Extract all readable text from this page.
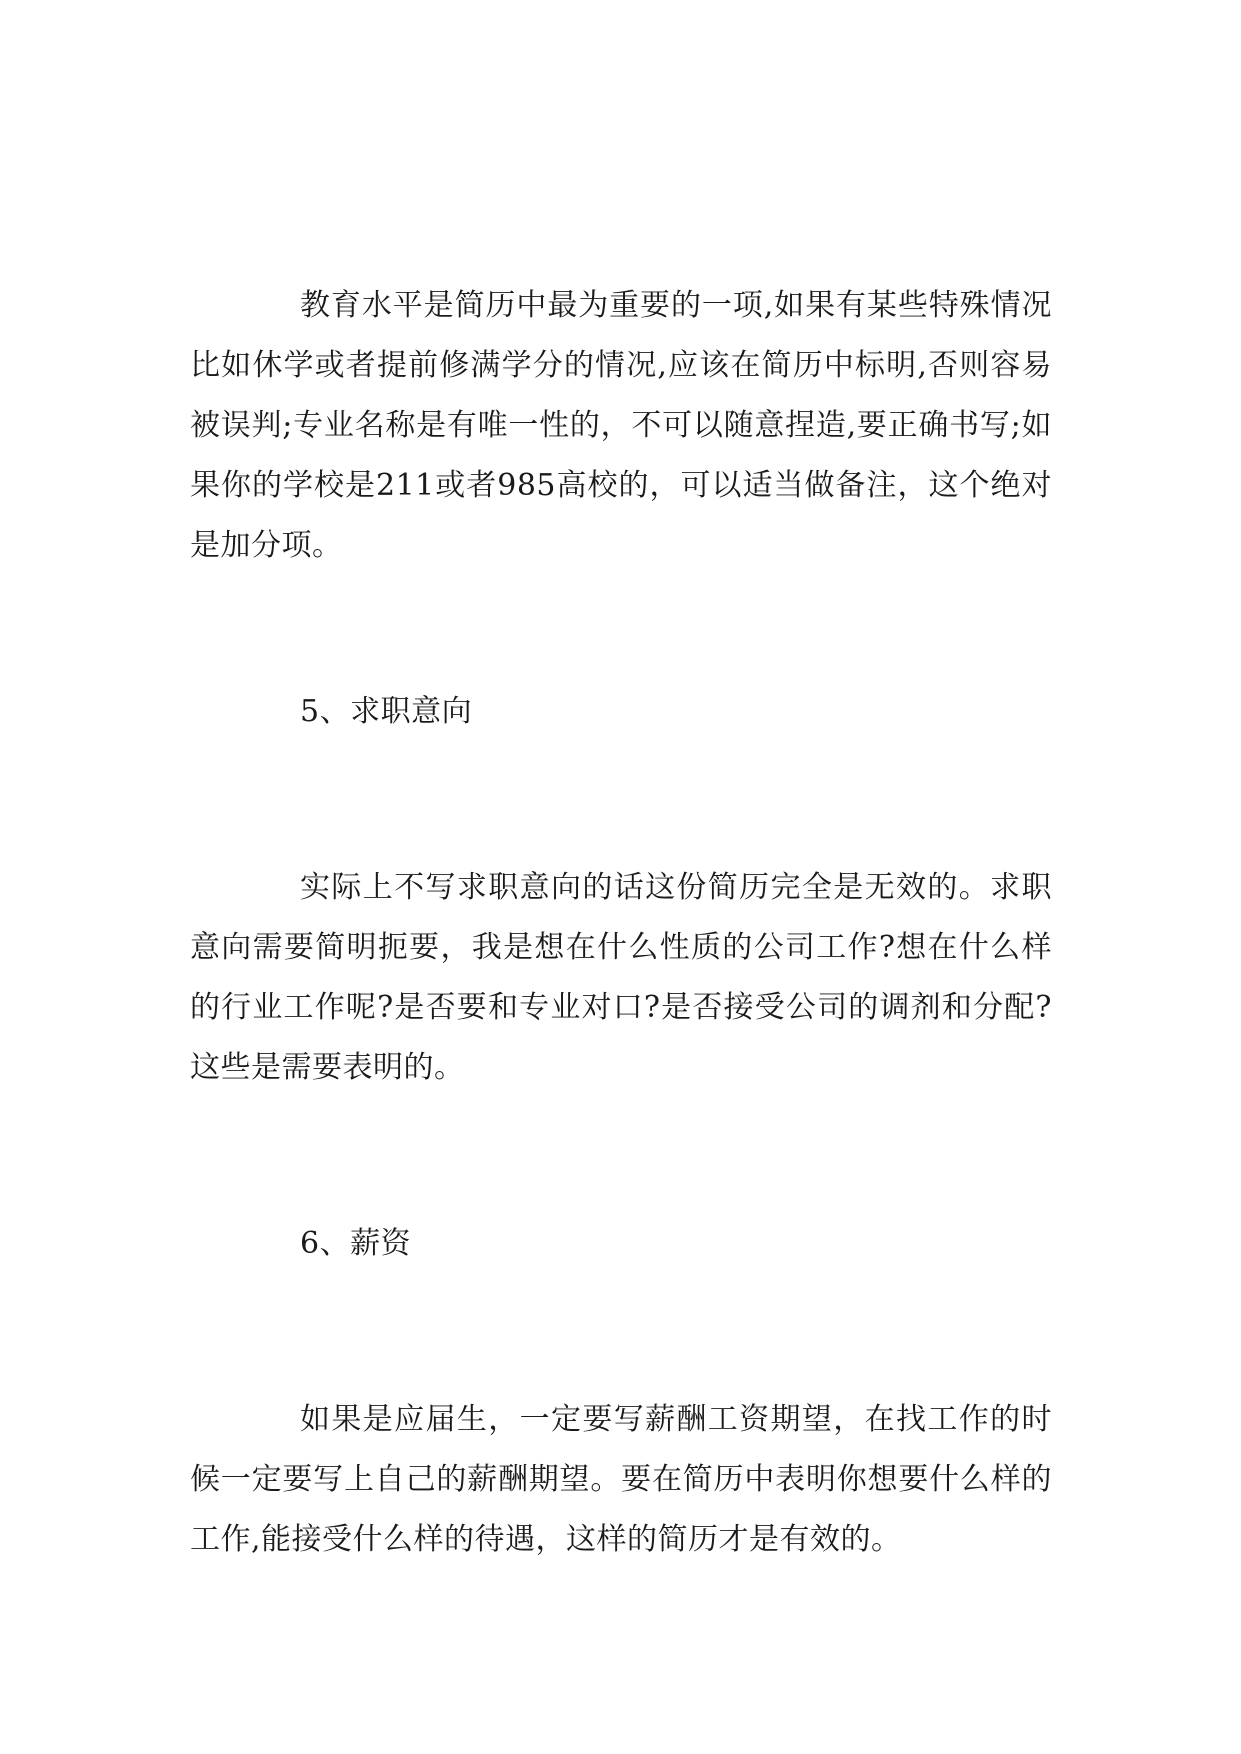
教育水平是简历中最为重要的一项,如果有某些特殊情况比如休学或者提前修满学分的情况,应该在简历中标明,否则容易被误判;专业名称是有唯一性的，不可以随意捏造,要正确书写;如果你的学校是211或者985高校的，可以适当做备注，这个绝对是加分项。

5、求职意向

实际上不写求职意向的话这份简历完全是无效的。求职意向需要简明扼要，我是想在什么性质的公司工作?想在什么样的行业工作呢?是否要和专业对口?是否接受公司的调剂和分配?这些是需要表明的。

6、薪资

如果是应届生，一定要写薪酬工资期望，在找工作的时候一定要写上自己的薪酬期望。要在简历中表明你想要什么样的工作,能接受什么样的待遇，这样的简历才是有效的。
